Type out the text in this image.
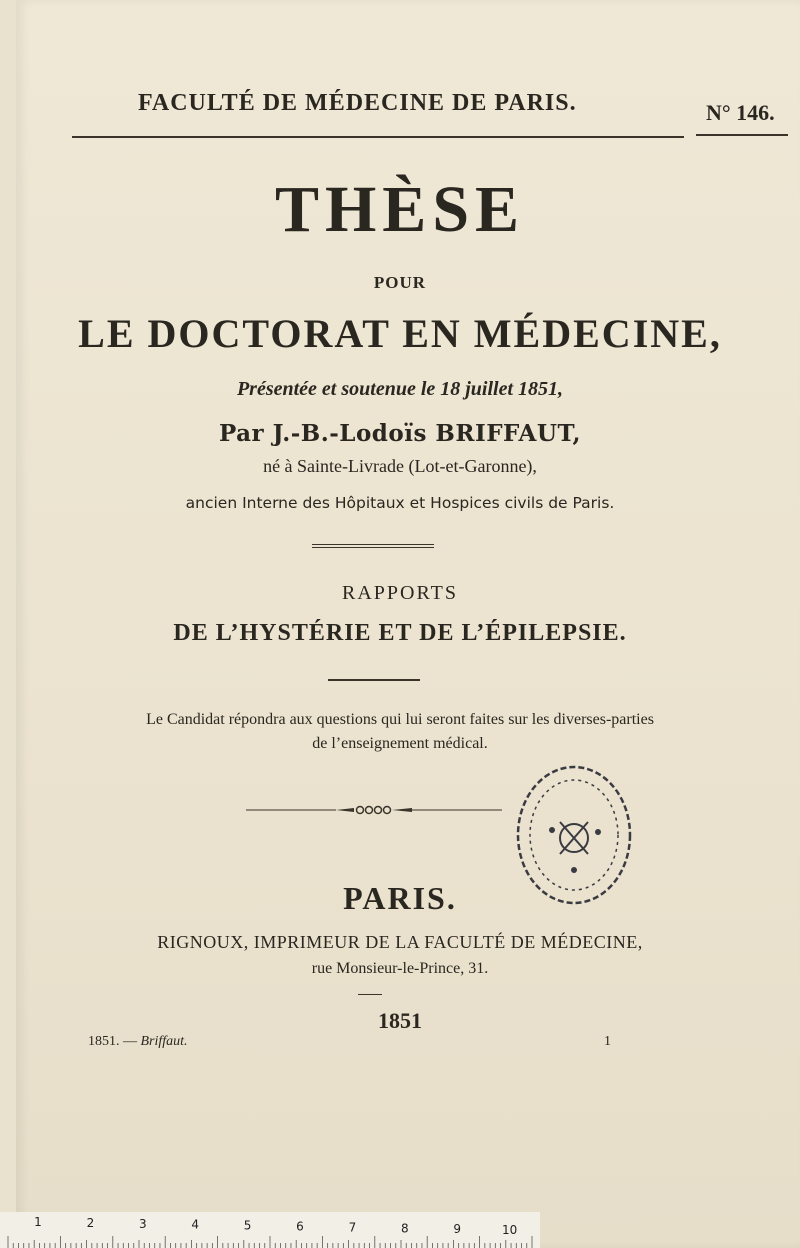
FACULTÉ DE MÉDECINE DE PARIS.	N° 146.
THÈSE
POUR
LE DOCTORAT EN MÉDECINE,
Présentée et soutenue le 18 juillet 1851,
Par J.-B.-Lodoïs BRIFFAUT,
né à Sainte-Livrade (Lot-et-Garonne),
ancien Interne des Hôpitaux et Hospices civils de Paris.
RAPPORTS
DE L’HYSTÉRIE ET DE L’ÉPILEPSIE.
Le Candidat répondra aux questions qui lui seront faites sur les diverses-parties
de l’enseignement médical.
PARIS.
RIGNOUX, IMPRIMEUR DE LA FACULTÉ DE MÉDECINE,
rue Monsieur-le-Prince, 31.
1851
1851. — Briffaut.	1
1	2	3	4	5	6	7	8	9	10
